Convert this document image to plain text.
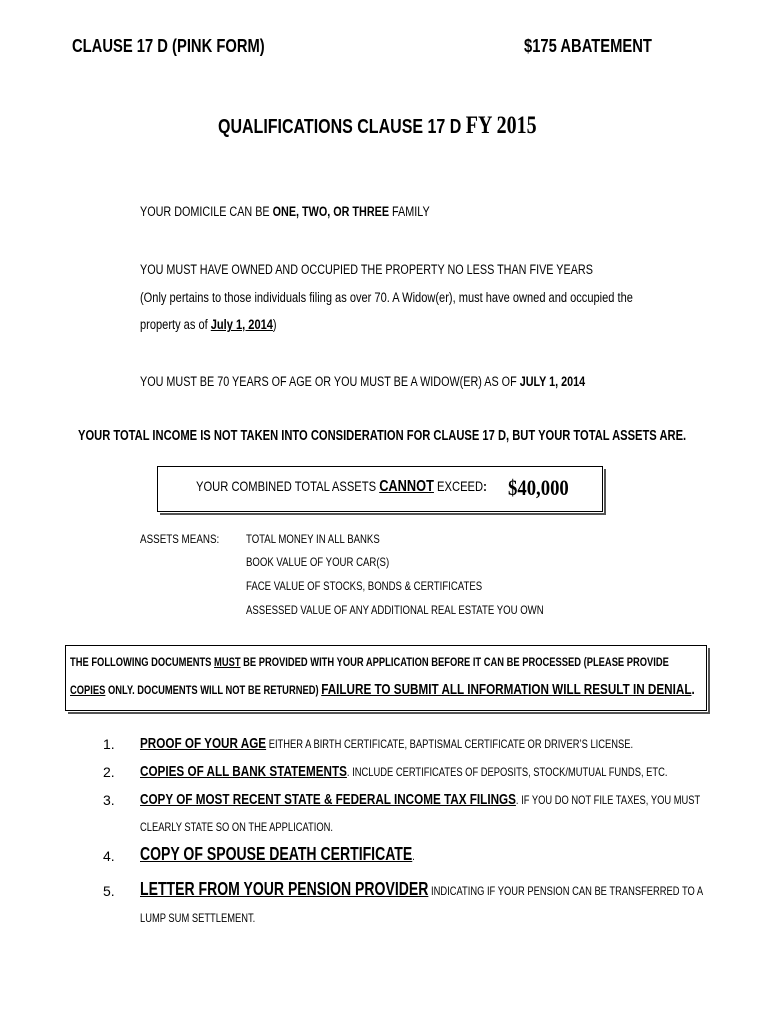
CLAUSE 17 D (PINK FORM)	$175 ABATEMENT
QUALIFICATIONS CLAUSE 17 D FY 2015
YOUR DOMICILE CAN BE ONE, TWO, OR THREE FAMILY
YOU MUST HAVE OWNED AND OCCUPIED THE PROPERTY NO LESS THAN FIVE YEARS
(Only pertains to those individuals filing as over 70. A Widow(er), must have owned and occupied the
property as of July 1, 2014)
YOU MUST BE 70 YEARS OF AGE OR YOU MUST BE A WIDOW(ER) AS OF JULY 1, 2014
YOUR TOTAL INCOME IS NOT TAKEN INTO CONSIDERATION FOR CLAUSE 17 D, BUT YOUR TOTAL ASSETS ARE.
YOUR COMBINED TOTAL ASSETS CANNOT EXCEED: $40,000
ASSETS MEANS:	TOTAL MONEY IN ALL BANKS
BOOK VALUE OF YOUR CAR(S)
FACE VALUE OF STOCKS, BONDS & CERTIFICATES
ASSESSED VALUE OF ANY ADDITIONAL REAL ESTATE YOU OWN
THE FOLLOWING DOCUMENTS MUST BE PROVIDED WITH YOUR APPLICATION BEFORE IT CAN BE PROCESSED (PLEASE PROVIDE
COPIES ONLY. DOCUMENTS WILL NOT BE RETURNED) FAILURE TO SUBMIT ALL INFORMATION WILL RESULT IN DENIAL.
1. PROOF OF YOUR AGE EITHER A BIRTH CERTIFICATE, BAPTISMAL CERTIFICATE OR DRIVER’S LICENSE.
2. COPIES OF ALL BANK STATEMENTS. INCLUDE CERTIFICATES OF DEPOSITS, STOCK/MUTUAL FUNDS, ETC.
3. COPY OF MOST RECENT STATE & FEDERAL INCOME TAX FILINGS. IF YOU DO NOT FILE TAXES, YOU MUST
CLEARLY STATE SO ON THE APPLICATION.
4. COPY OF SPOUSE DEATH CERTIFICATE.
5. LETTER FROM YOUR PENSION PROVIDER INDICATING IF YOUR PENSION CAN BE TRANSFERRED TO A
LUMP SUM SETTLEMENT.
